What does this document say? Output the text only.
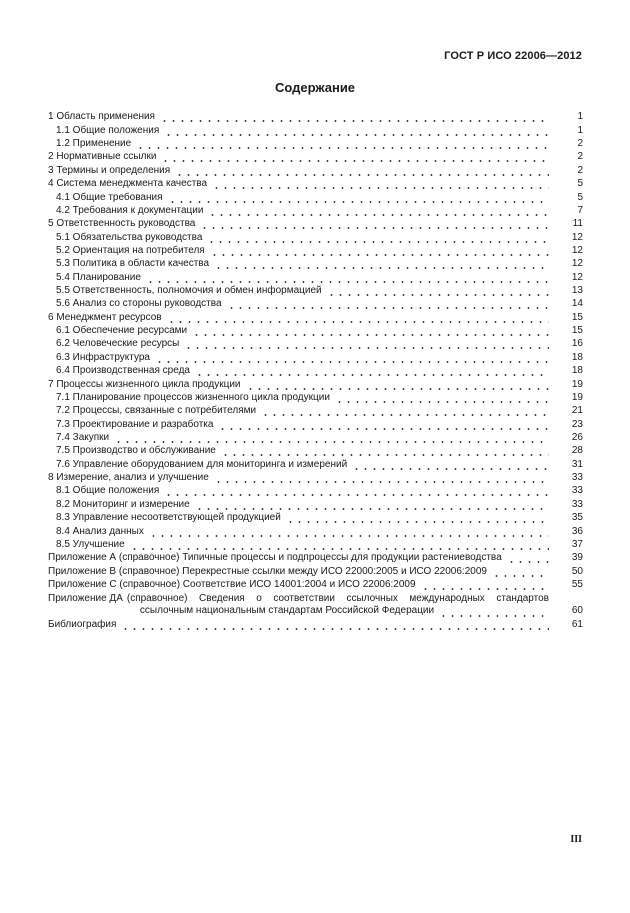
ГОСТ Р ИСО 22006—2012
Содержание
1 Область применения	1
1.1 Общие положения	1
1.2 Применение	2
2 Нормативные ссылки	2
3 Термины и определения	2
4 Система менеджмента качества	5
4.1 Общие требования	5
4.2 Требования к документации	7
5 Ответственность руководства	11
5.1 Обязательства руководства	12
5.2 Ориентация на потребителя	12
5.3 Политика в области качества	12
5.4 Планирование	12
5.5 Ответственность, полномочия и обмен информацией	13
5.6 Анализ со стороны руководства	14
6 Менеджмент ресурсов	15
6.1 Обеспечение ресурсами	15
6.2 Человеческие ресурсы	16
6.3 Инфраструктура	18
6.4 Производственная среда	18
7 Процессы жизненного цикла продукции	19
7.1 Планирование процессов жизненного цикла продукции	19
7.2 Процессы, связанные с потребителями	21
7.3 Проектирование и разработка	23
7.4 Закупки	26
7.5 Производство и обслуживание	28
7.6 Управление оборудованием для мониторинга и измерений	31
8 Измерение, анализ и улучшение	33
8.1 Общие положения	33
8.2 Мониторинг и измерение	33
8.3 Управление несоответствующей продукцией	35
8.4 Анализ данных	36
8.5 Улучшение	37
Приложение А (справочное) Типичные процессы и подпроцессы для продукции растениеводства	39
Приложение В (справочное) Перекрестные ссылки между ИСО 22000:2005 и ИСО 22006:2009	50
Приложение С (справочное) Соответствие ИСО 14001:2004 и ИСО 22006:2009	55
Приложение ДА (справочное) Сведения о соответствии ссылочных международных стандартов
ссылочным национальным стандартам Российской Федерации	60
Библиография	61
III
